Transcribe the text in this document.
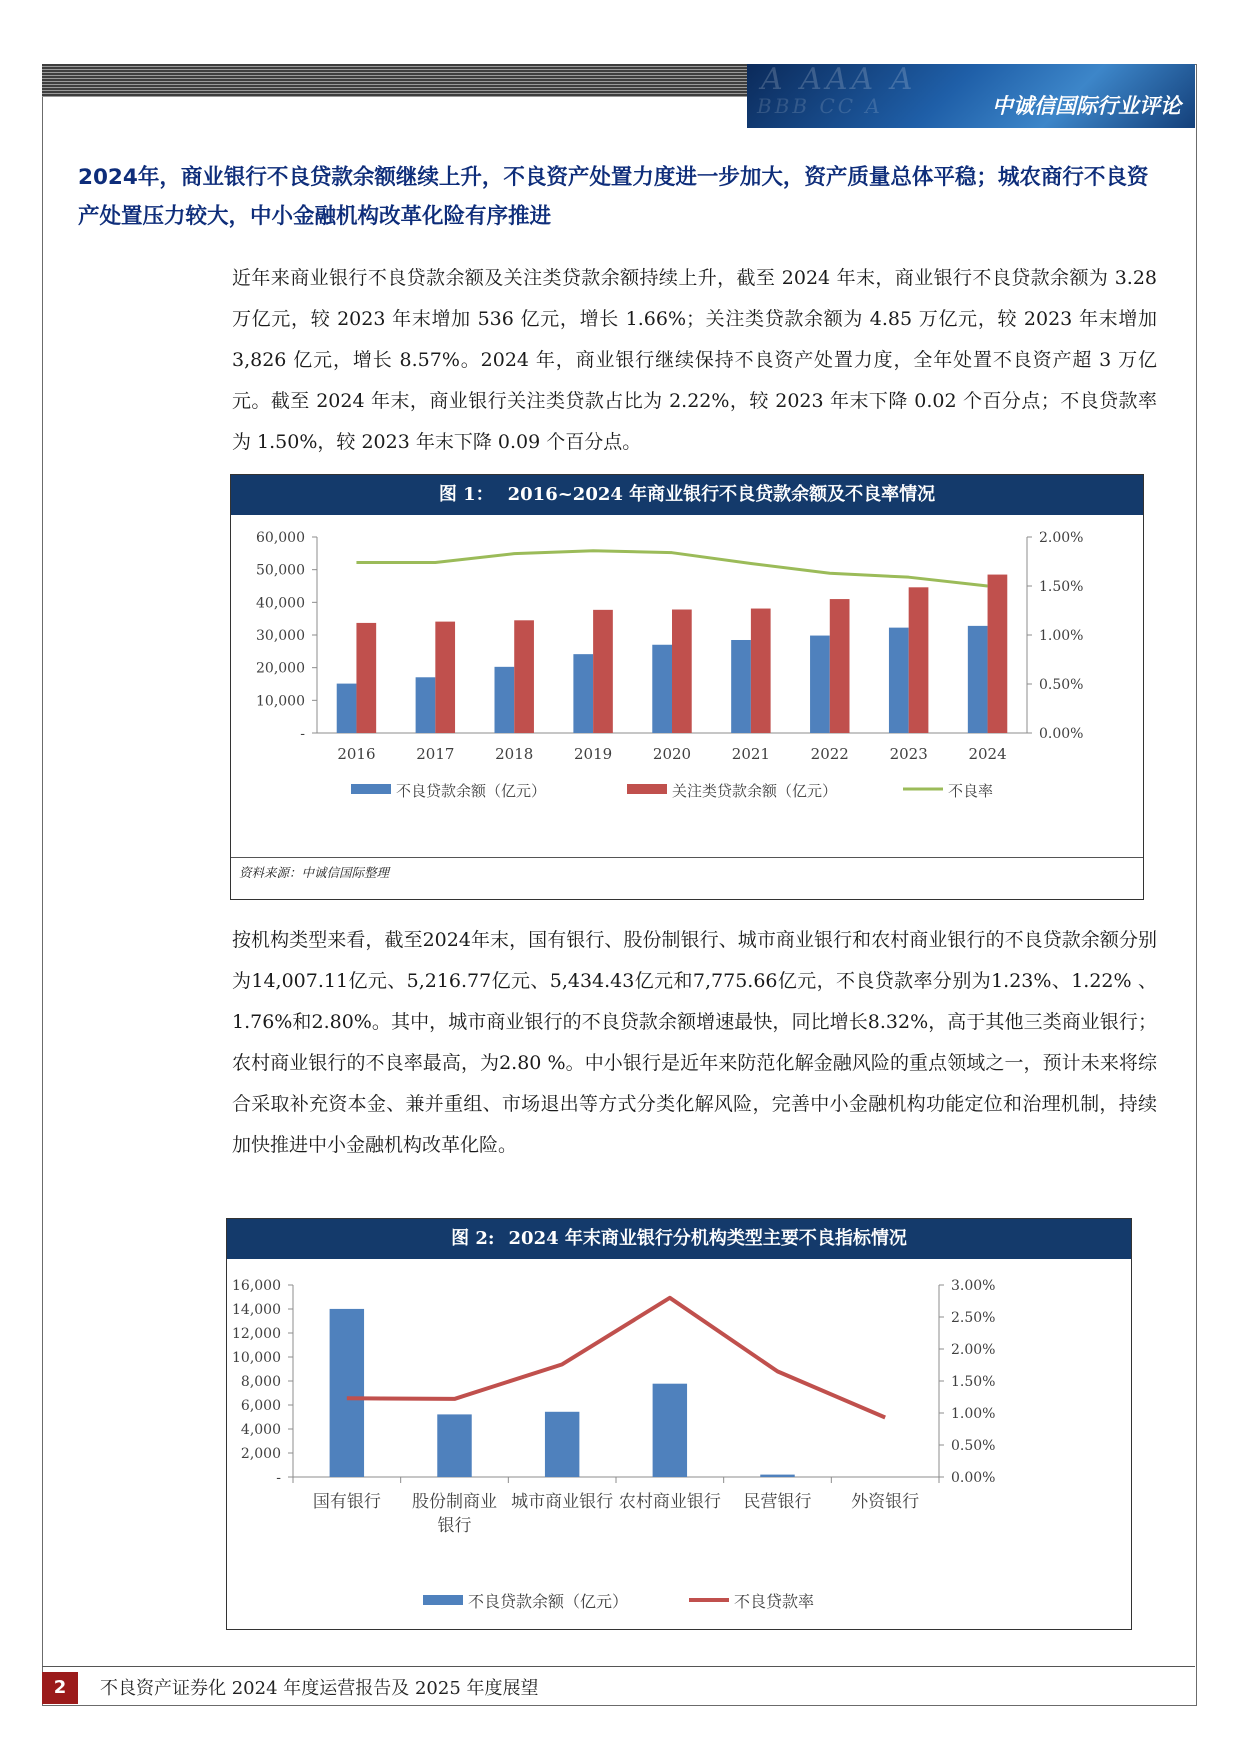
A AAA A
BBB CC A	中诚信国际行业评论
2024年，商业银行不良贷款余额继续上升，不良资产处置力度进一步加大，资产质量总体平稳；城农商行不良资产处置压力较大，中小金融机构改革化险有序推进

近年来商业银行不良贷款余额及关注类贷款余额持续上升，截至 2024 年末，商业银行不良贷款余额为 3.28 万亿元，较 2023 年末增加 536 亿元，增长 1.66%；关注类贷款余额为 4.85 万亿元，较 2023 年末增加 3,826 亿元，增长 8.57%。2024 年，商业银行继续保持不良资产处置力度，全年处置不良资产超 3 万亿元。截至 2024 年末，商业银行关注类贷款占比为 2.22%，较 2023 年末下降 0.02 个百分点；不良贷款率为 1.50%，较 2023 年末下降 0.09 个百分点。

图 1： 2016~2024 年商业银行不良贷款余额及不良率情况
-
10,000
20,000
30,000
40,000
50,000
60,000
0.00%
0.50%
1.00%
1.50%
2.00%
2016	2017	2018	2019	2020	2021	2022	2023	2024
不良贷款余额（亿元）	关注类贷款余额（亿元）	不良率
资料来源：中诚信国际整理

按机构类型来看，截至2024年末，国有银行、股份制银行、城市商业银行和农村商业银行的不良贷款余额分别为14,007.11亿元、5,216.77亿元、5,434.43亿元和7,775.66亿元，不良贷款率分别为1.23%、1.22% 、1.76%和2.80%。其中，城市商业银行的不良贷款余额增速最快，同比增长8.32%，高于其他三类商业银行；农村商业银行的不良率最高，为2.80 %。中小银行是近年来防范化解金融风险的重点领域之一，预计未来将综合采取补充资本金、兼并重组、市场退出等方式分类化解风险，完善中小金融机构功能定位和治理机制，持续加快推进中小金融机构改革化险。

图 2: 2024 年末商业银行分机构类型主要不良指标情况
-
2,000
4,000
6,000
8,000
10,000
12,000
14,000
16,000
0.00%
0.50%
1.00%
1.50%
2.00%
2.50%
3.00%
国有银行 股份制商业
银行
城市商业银行 农村商业银行 民营银行 外资银行
不良贷款余额（亿元）	不良贷款率
2	不良资产证券化 2024 年度运营报告及 2025 年度展望
